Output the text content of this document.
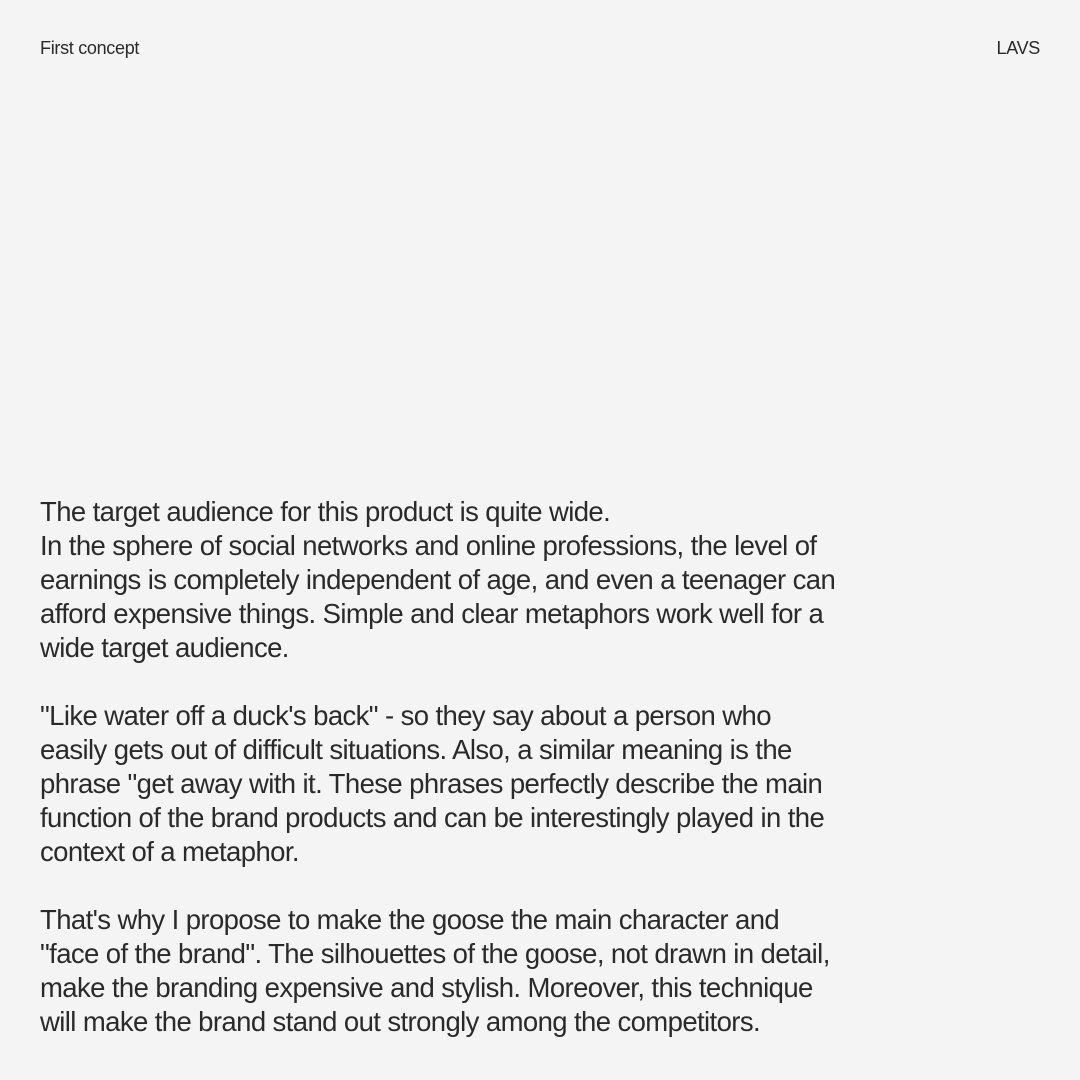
First concept	LAVS

The target audience for this product is quite wide.
In the sphere of social networks and online professions, the level of
earnings is completely independent of age, and even a teenager can
afford expensive things. Simple and clear metaphors work well for a
wide target audience.

"Like water off a duck's back" - so they say about a person who
easily gets out of difficult situations. Also, a similar meaning is the
phrase "get away with it. These phrases perfectly describe the main
function of the brand products and can be interestingly played in the
context of a metaphor.

That's why I propose to make the goose the main character and
"face of the brand". The silhouettes of the goose, not drawn in detail,
make the branding expensive and stylish. Moreover, this technique
will make the brand stand out strongly among the competitors.
